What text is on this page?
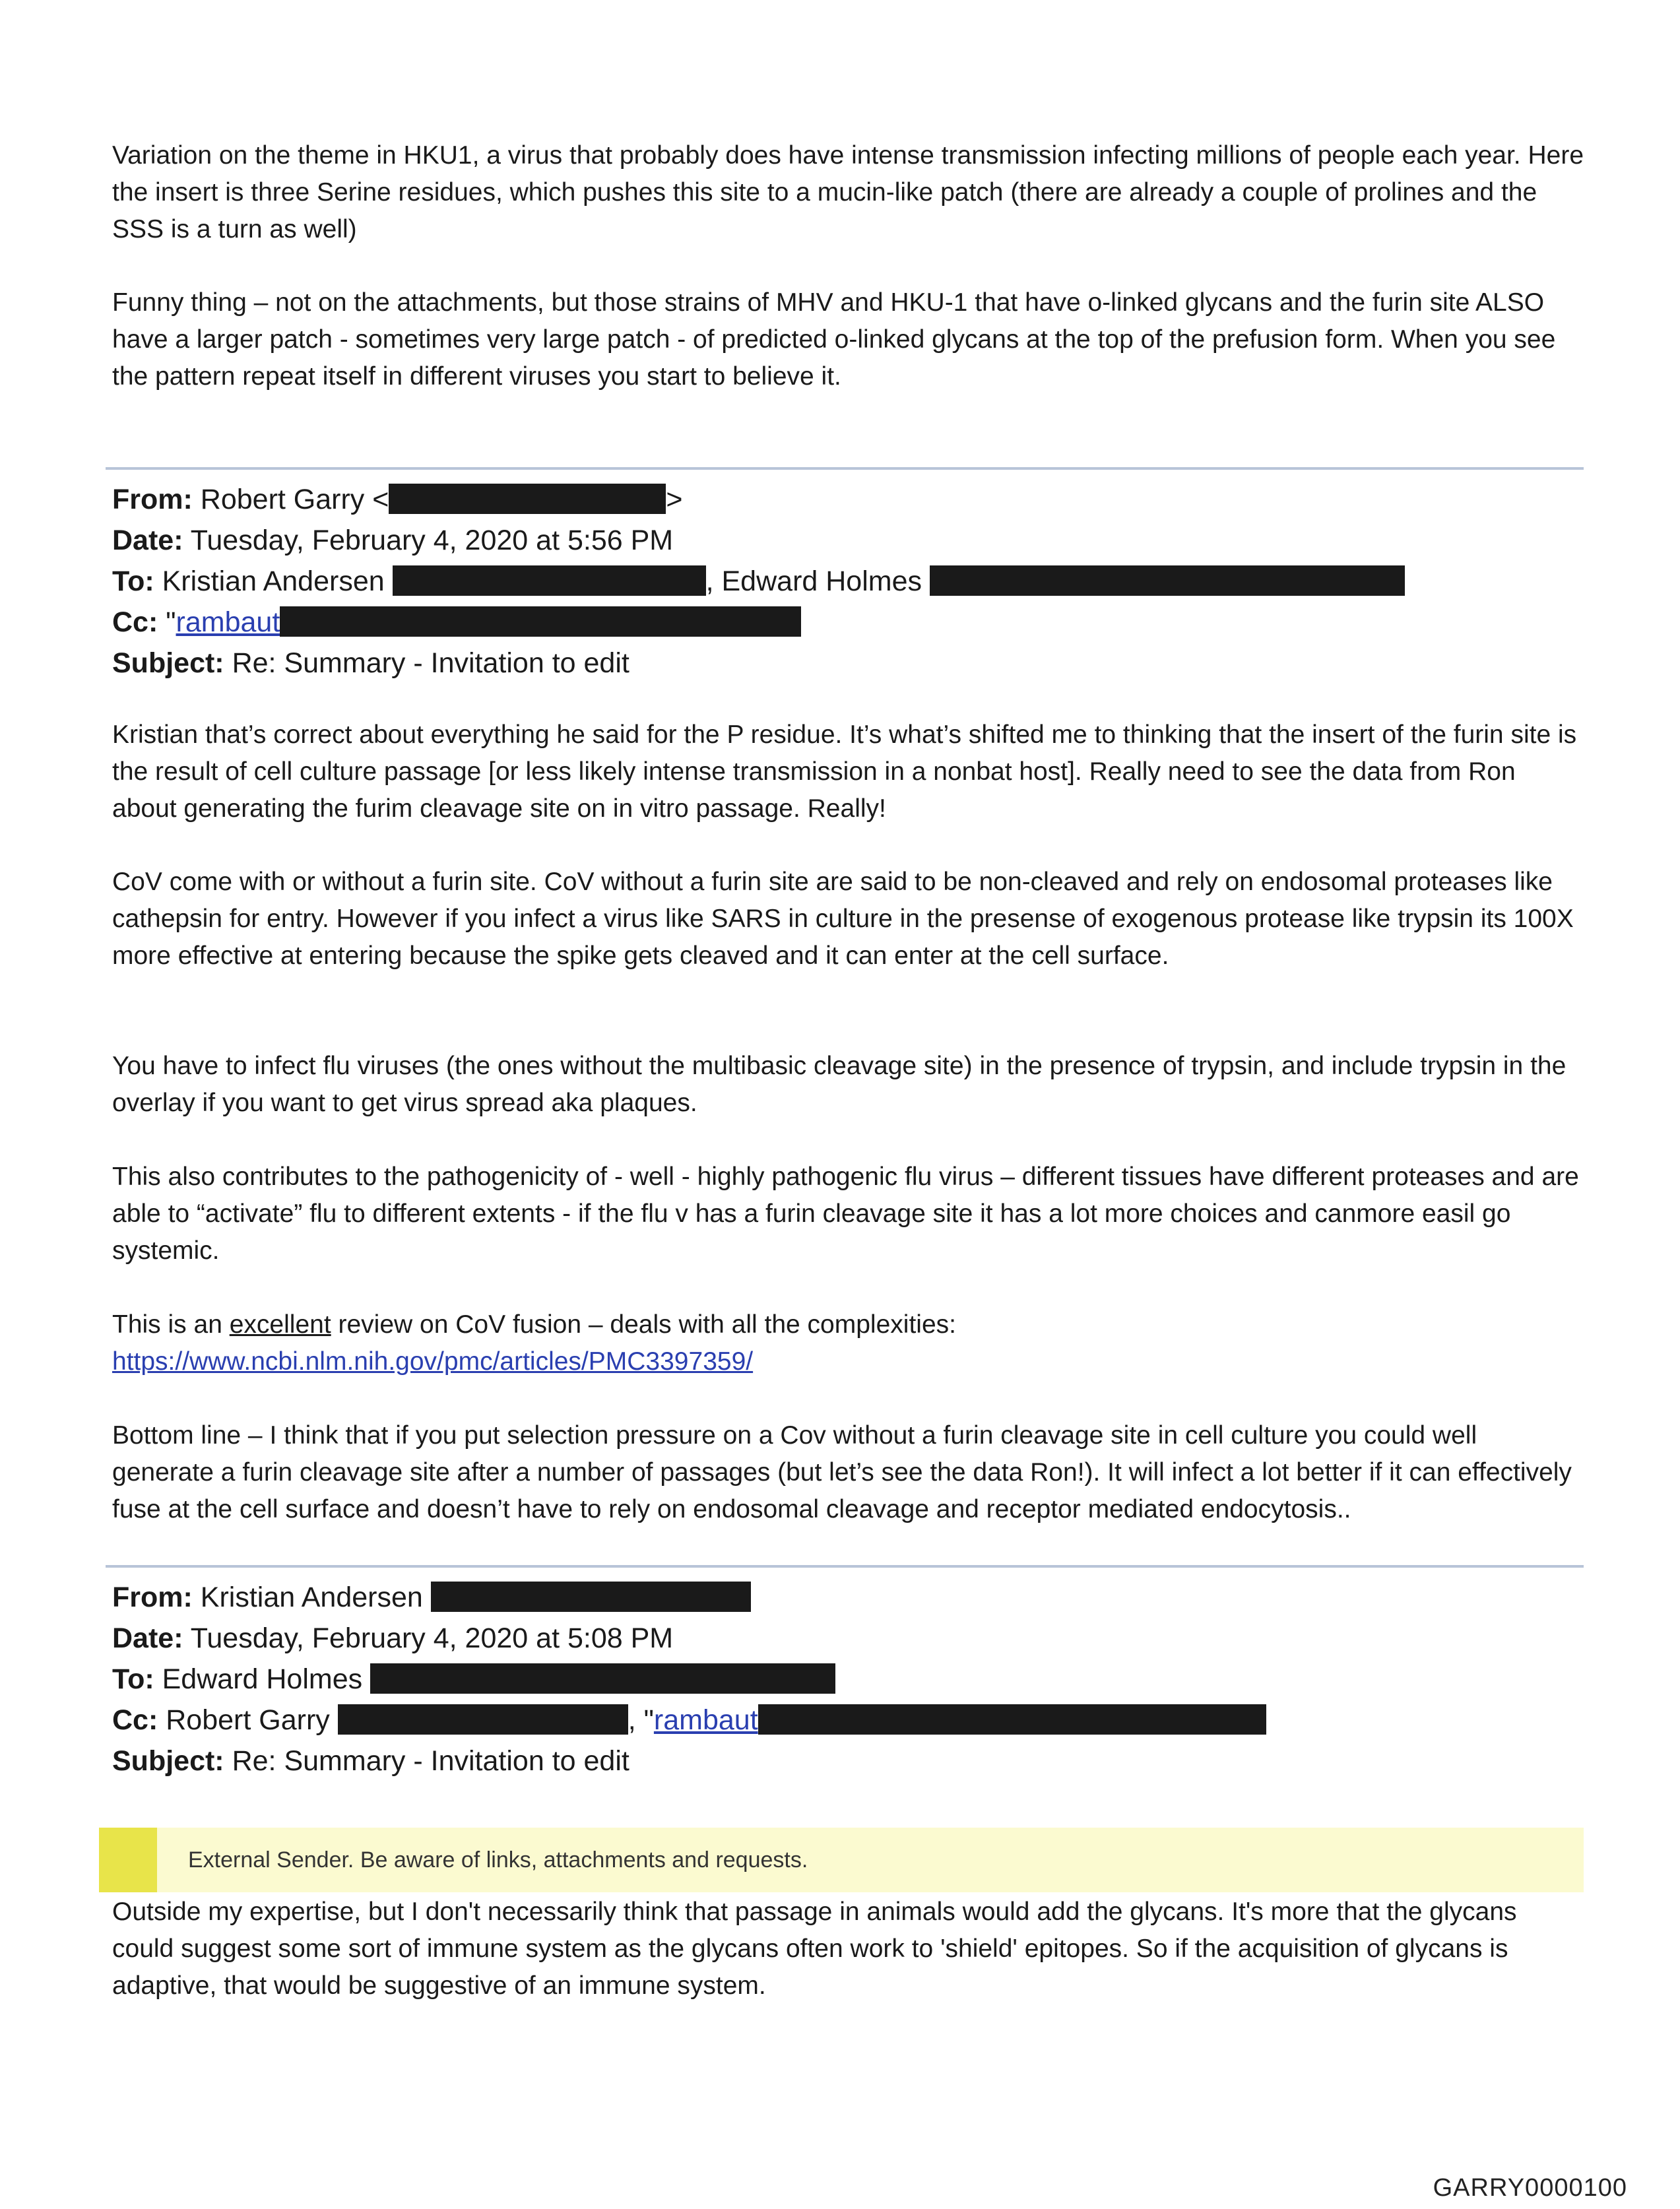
Variation on the theme in HKU1, a virus that probably does have intense transmission infecting millions of people each year. Here the insert is three Serine residues, which pushes this site to a mucin-like patch (there are already a couple of prolines and the SSS is a turn as well)

Funny thing – not on the attachments, but those strains of MHV and HKU-1 that have o-linked glycans and the furin site ALSO have a larger patch - sometimes very large patch - of predicted o-linked glycans at the top of the prefusion form. When you see the pattern repeat itself in different viruses you start to believe it.

From: Robert Garry <	>
Date: Tuesday, February 4, 2020 at 5:56 PM
To: Kristian Andersen	, Edward Holmes
Cc: "rambaut
Subject: Re: Summary - Invitation to edit

Kristian that’s correct about everything he said for the P residue. It’s what’s shifted me to thinking that the insert of the furin site is the result of cell culture passage [or less likely intense transmission in a nonbat host]. Really need to see the data from Ron about generating the furim cleavage site on in vitro passage. Really!

CoV come with or without a furin site. CoV without a furin site are said to be non-cleaved and rely on endosomal proteases like cathepsin for entry. However if you infect a virus like SARS in culture in the presense of exogenous protease like trypsin its 100X more effective at entering because the spike gets cleaved and it can enter at the cell surface.

You have to infect flu viruses (the ones without the multibasic cleavage site) in the presence of trypsin, and include trypsin in the overlay if you want to get virus spread aka plaques.

This also contributes to the pathogenicity of - well - highly pathogenic flu virus – different tissues have different proteases and are able to “activate” flu to different extents - if the flu v has a furin cleavage site it has a lot more choices and canmore easil go systemic.

This is an excellent review on CoV fusion – deals with all the complexities:
https://www.ncbi.nlm.nih.gov/pmc/articles/PMC3397359/

Bottom line – I think that if you put selection pressure on a Cov without a furin cleavage site in cell culture you could well generate a furin cleavage site after a number of passages (but let’s see the data Ron!). It will infect a lot better if it can effectively fuse at the cell surface and doesn’t have to rely on endosomal cleavage and receptor mediated endocytosis..

From: Kristian Andersen
Date: Tuesday, February 4, 2020 at 5:08 PM
To: Edward Holmes
Cc: Robert Garry	, "rambaut
Subject: Re: Summary - Invitation to edit
External Sender. Be aware of links, attachments and requests.

Outside my expertise, but I don't necessarily think that passage in animals would add the glycans. It's more that the glycans could suggest some sort of immune system as the glycans often work to 'shield' epitopes. So if the acquisition of glycans is adaptive, that would be suggestive of an immune system.

GARRY0000100
